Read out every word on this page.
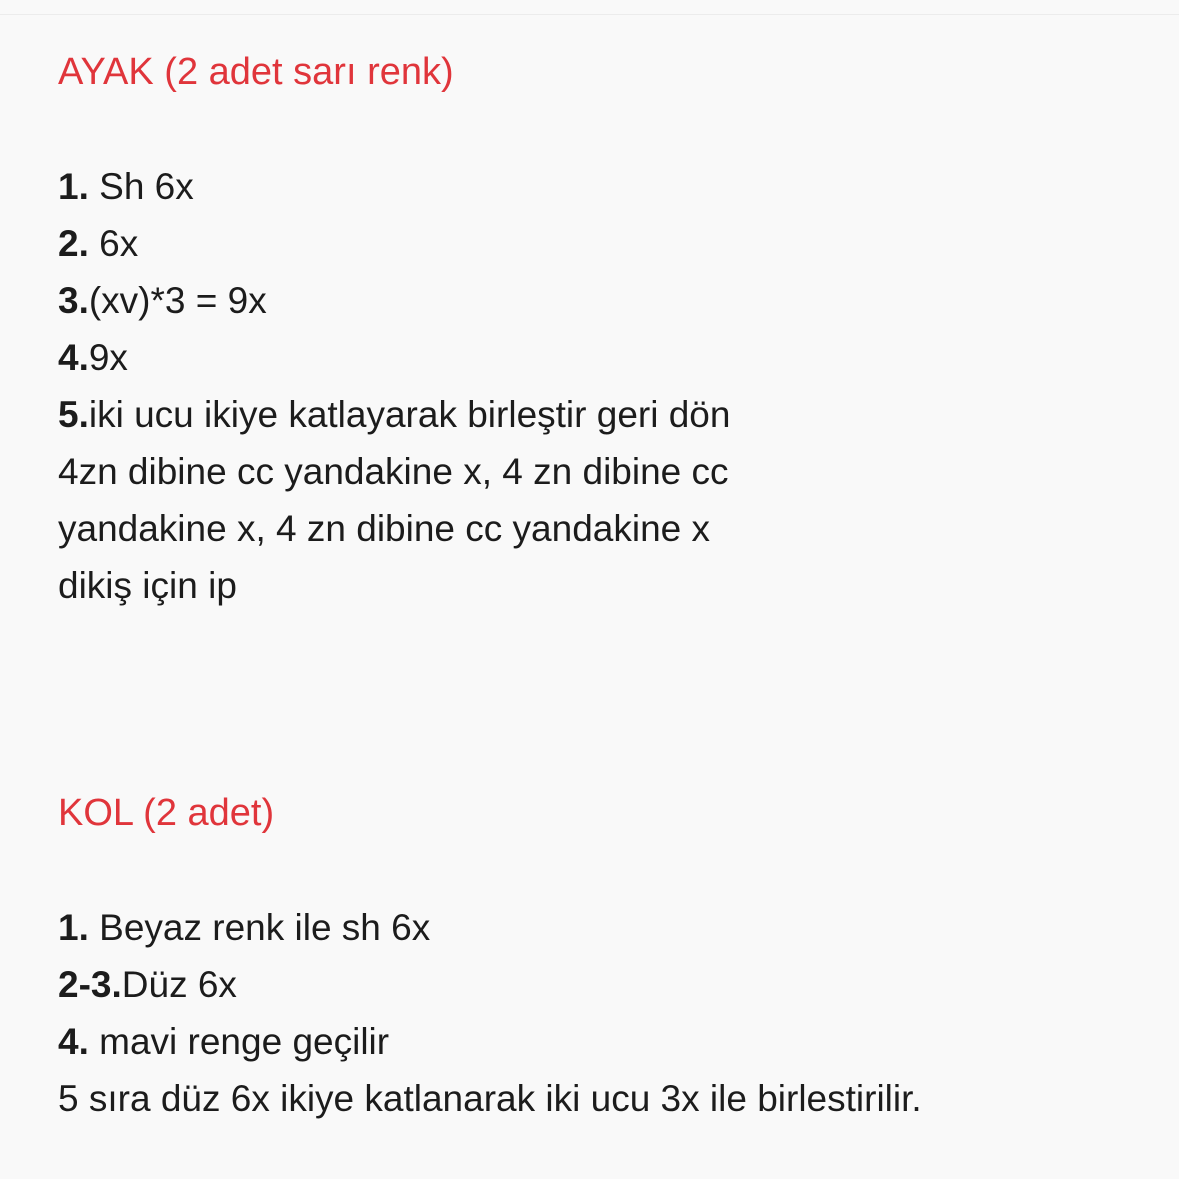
AYAK (2 adet sarı renk)
1. Sh 6x
2. 6x
3.(xv)*3 = 9x
4.9x
5.iki ucu ikiye katlayarak birleştir geri dön
4zn dibine cc yandakine x, 4 zn dibine cc
yandakine x, 4 zn dibine cc yandakine x
dikiş için ip
KOL (2 adet)
1. Beyaz renk ile sh 6x
2-3.Düz 6x
4. mavi renge geçilir
5 sıra düz 6x ikiye katlanarak iki ucu 3x ile birlestirilir.
